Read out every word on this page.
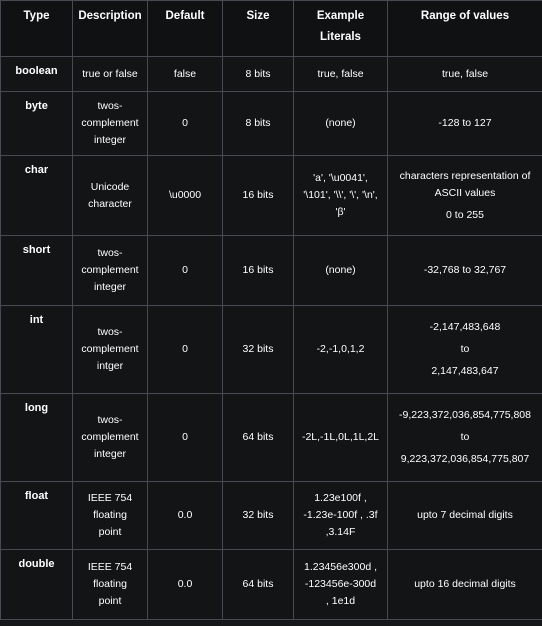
Type	Description	Default	Size	Example Literals	Range of values
boolean	true or false	false	8 bits	true, false	true, false

byte	twos-
complement
integer	0	8 bits	(none)	-128 to 127

char	Unicode
character	\u0000	16 bits	'a', '\u0041',
'\101', '\\', '\', '\n',
'β'	characters representation of
ASCII values
0 to 255

short	twos-
complement
integer	0	16 bits	(none)	-32,768 to 32,767

int	twos-
complement
intger	0	32 bits	-2,-1,0,1,2	-2,147,483,648
to
2,147,483,647

long	twos-
complement
integer	0	64 bits	-2L,-1L,0L,1L,2L	-9,223,372,036,854,775,808
to
9,223,372,036,854,775,807

float	IEEE 754
floating
point	0.0	32 bits	1.23e100f ,
-1.23e-100f , .3f
,3.14F	upto 7 decimal digits

double	IEEE 754
floating
point	0.0	64 bits	1.23456e300d ,
-123456e-300d
, 1e1d	upto 16 decimal digits
